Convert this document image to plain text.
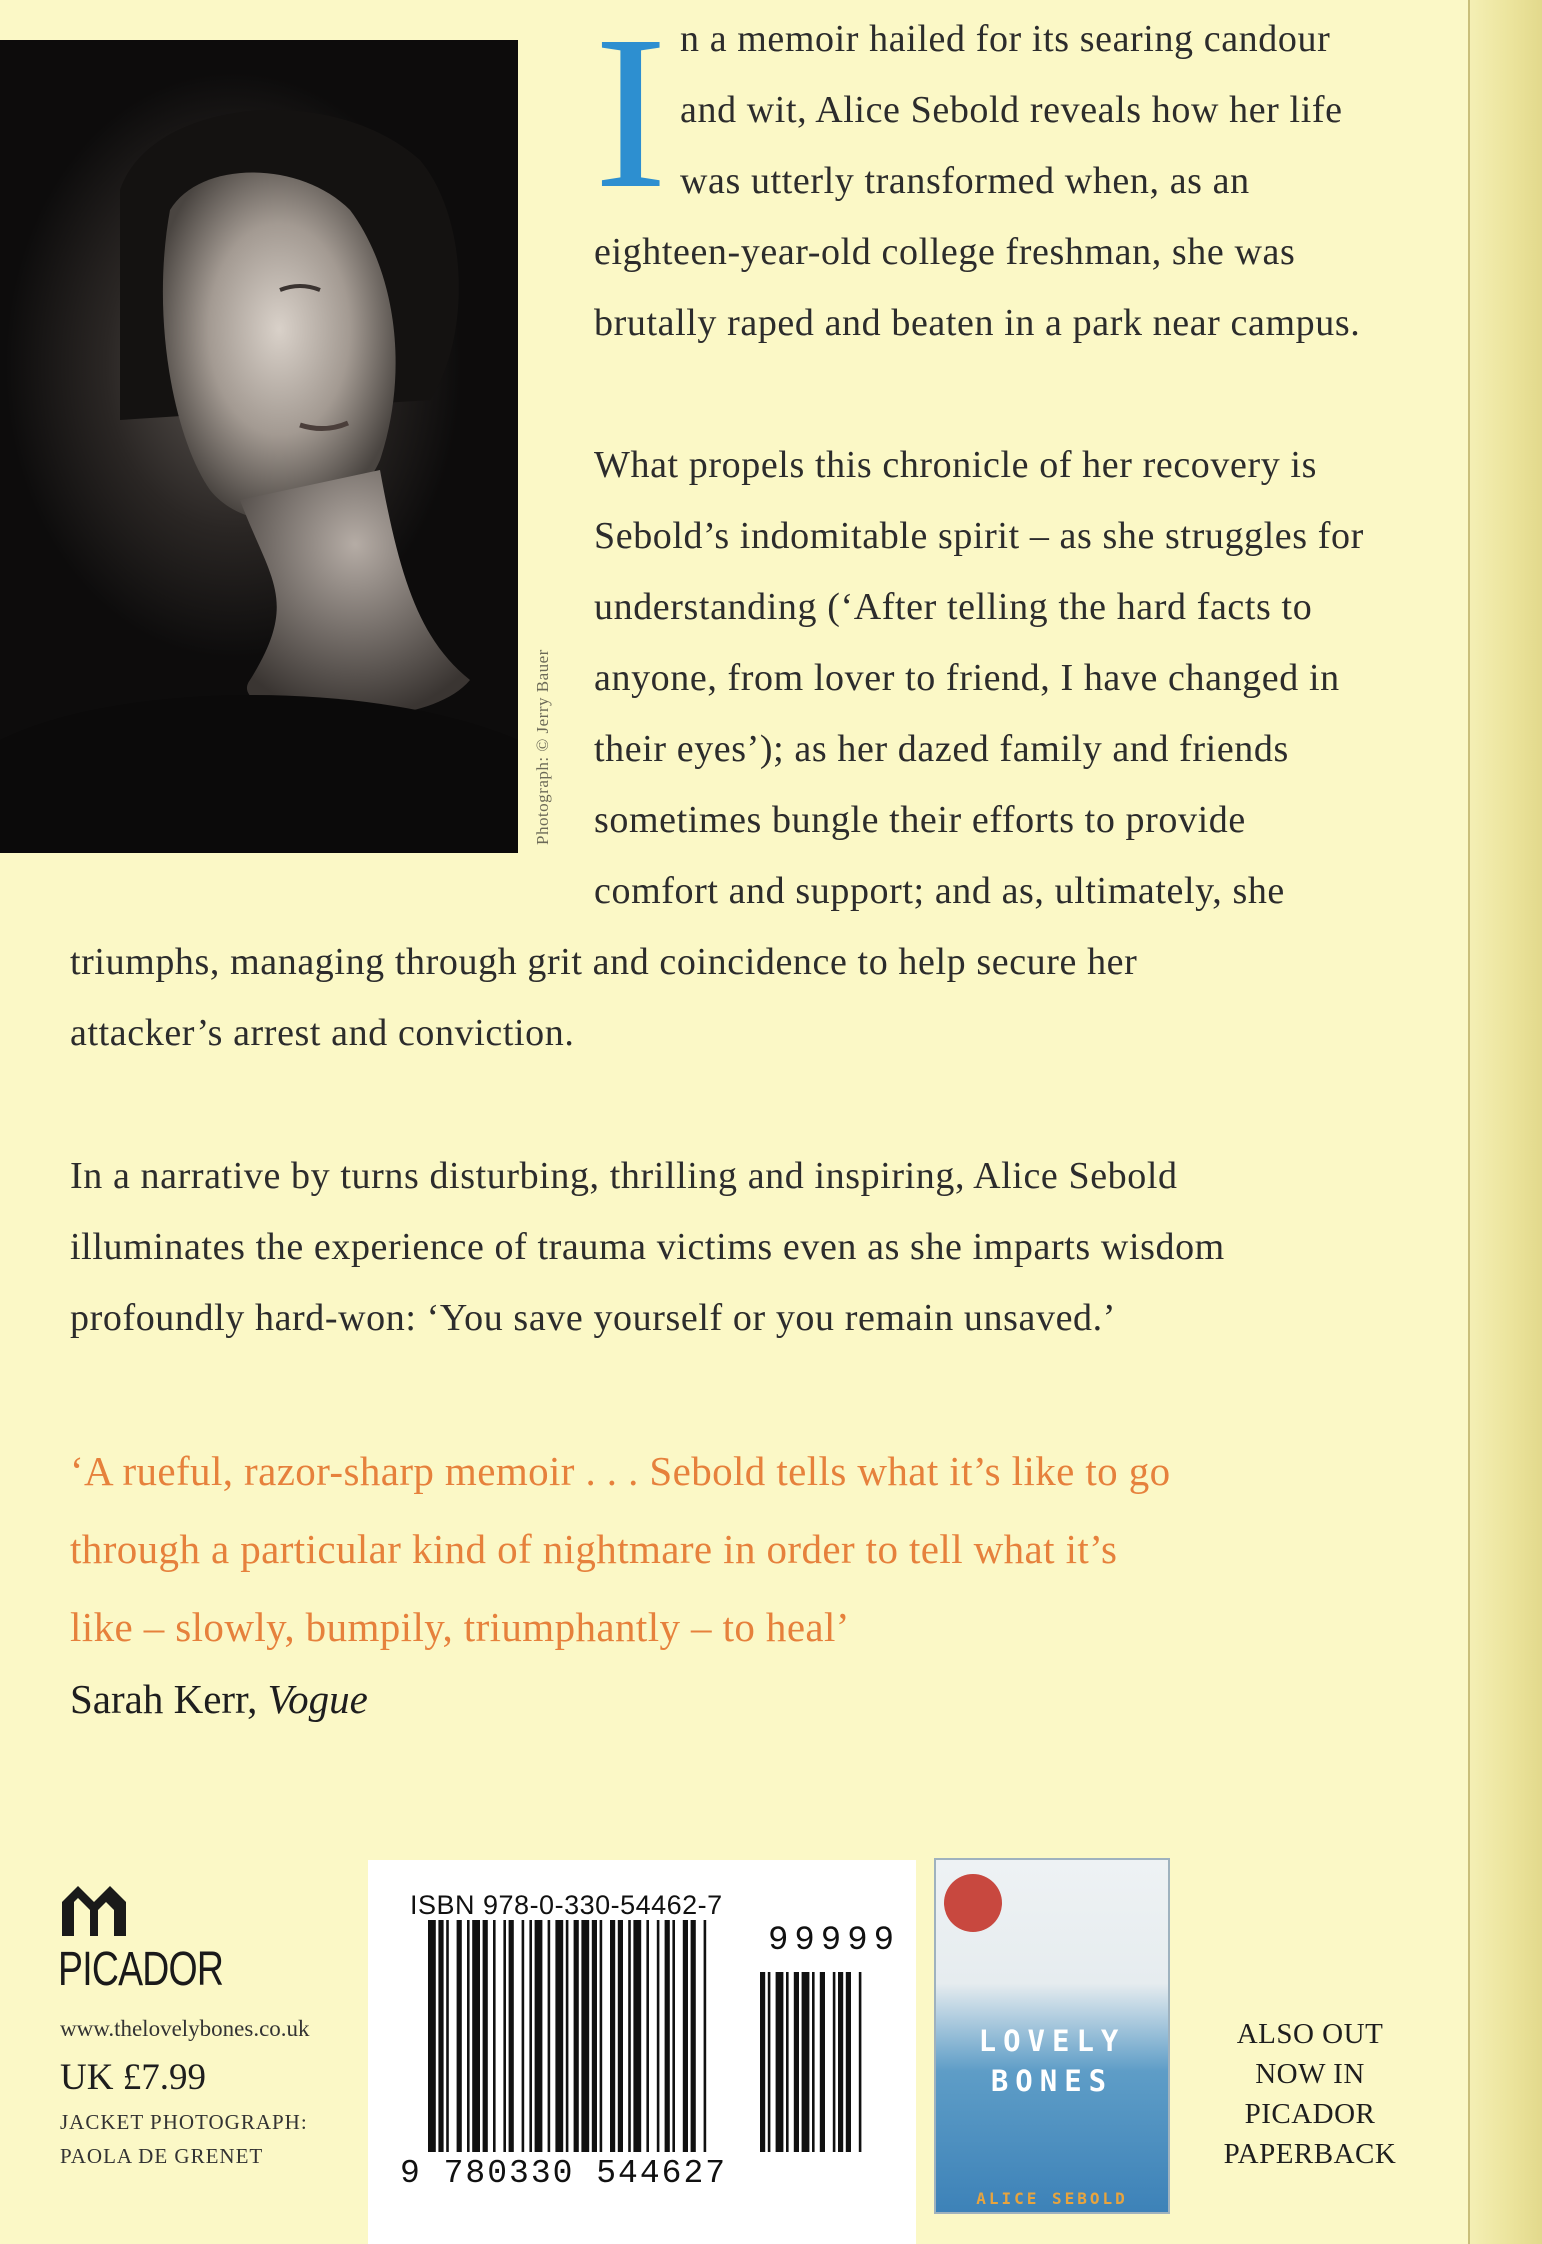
Photograph: © Jerry Bauer
I n a memoir hailed for its searing candour
and wit, Alice Sebold reveals how her life
was utterly transformed when, as an
eighteen-year-old college freshman, she was
brutally raped and beaten in a park near campus.
What propels this chronicle of her recovery is
Sebold’s indomitable spirit – as she struggles for
understanding (‘After telling the hard facts to
anyone, from lover to friend, I have changed in
their eyes’); as her dazed family and friends
sometimes bungle their efforts to provide
comfort and support; and as, ultimately, she
triumphs, managing through grit and coincidence to help secure her
attacker’s arrest and conviction.
In a narrative by turns disturbing, thrilling and inspiring, Alice Sebold
illuminates the experience of trauma victims even as she imparts wisdom
profoundly hard-won: ‘You save yourself or you remain unsaved.’
‘A rueful, razor-sharp memoir . . . Sebold tells what it’s like to go
through a particular kind of nightmare in order to tell what it’s
like – slowly, bumpily, triumphantly – to heal’
Sarah Kerr, Vogue
PICADOR
www.thelovelybones.co.uk
UK £7.99
JACKET PHOTOGRAPH:
PAOLA DE GRENET
ISBN 978-0-330-54462-7
99999
9 780330 544627
LOVELY
BONES
ALICE SEBOLD
ALSO OUT
NOW IN
PICADOR
PAPERBACK
